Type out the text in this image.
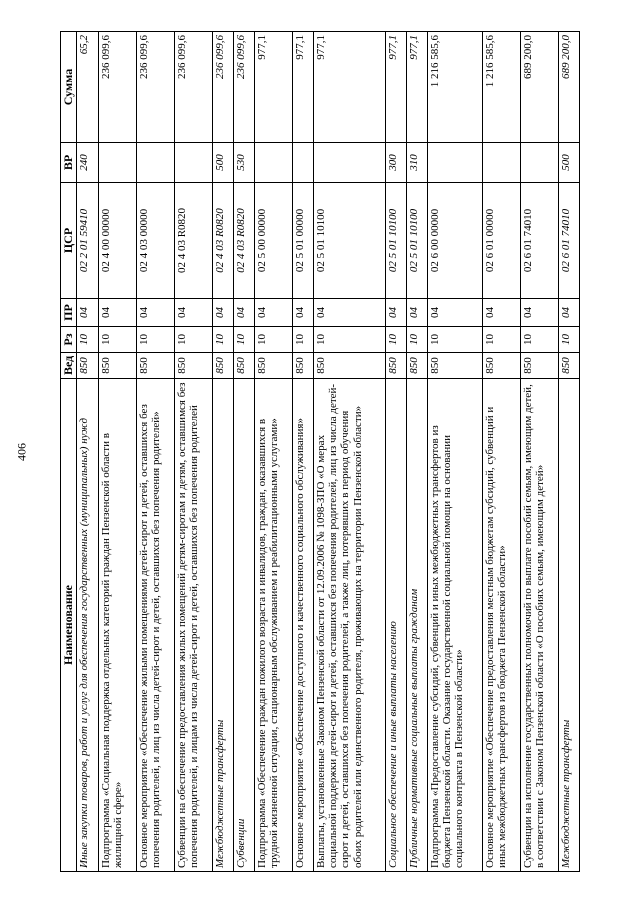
406
Наименование	Вед	Рз	ПР	ЦСР	ВР	Сумма
Иные закупки товаров, работ и услуг для обеспечения государственных (муниципальных) нужд	850	10	04	02 2 01 59410	240	65,2
Подпрограмма «Социальная поддержка отдельных категорий граждан Пензенской области в жилищной сфере»	850	10	04	02 4 00 00000		236 099,6
Основное мероприятие «Обеспечение жилыми помещениями детей-сирот и детей, оставшихся без попечения родителей, и лиц из числа детей-сирот и детей, оставшихся без попечения родителей»	850	10	04	02 4 03 00000		236 099,6
Субвенции на обеспечение предоставления жилых помещений детям-сиротам и детям, оставшимся без попечения родителей, и лицам из числа детей-сирот и детей, оставшихся без попечения родителей	850	10	04	02 4 03 R0820		236 099,6
Межбюджетные трансферты	850	10	04	02 4 03 R0820	500	236 099,6
Субвенции	850	10	04	02 4 03 R0820	530	236 099,6
Подпрограмма «Обеспечение граждан пожилого возраста и инвалидов, граждан, оказавшихся в трудной жизненной ситуации, стационарным обслуживанием и реабилитационными услугами»	850	10	04	02 5 00 00000		977,1
Основное мероприятие «Обеспечение доступного и качественного социального обслуживания»	850	10	04	02 5 01 00000		977,1
Выплаты, установленные Законом Пензенской области от 12.09.2006 № 1098-ЗПО «О мерах социальной поддержки детей-сирот и детей, оставшихся без попечения родителей, лиц из числа детей-сирот и детей, оставшихся без попечения родителей, а также лиц, потерявших в период обучения обоих родителей или единственного родителя, проживающих на территории Пензенской области»	850	10	04	02 5 01 10100		977,1
Социальное обеспечение и иные выплаты населению	850	10	04	02 5 01 10100	300	977,1
Публичные нормативные социальные выплаты гражданам	850	10	04	02 5 01 10100	310	977,1
Подпрограмма «Предоставление субсидий, субвенций и иных межбюджетных трансфертов из бюджета Пензенской области. Оказание государственной социальной помощи на основании социального контракта в Пензенской области»	850	10	04	02 6 00 00000		1 216 585,6
Основное мероприятие «Обеспечение предоставления местным бюджетам субсидий, субвенций и иных межбюджетных трансфертов из бюджета Пензенской области»	850	10	04	02 6 01 00000		1 216 585,6
Субвенции на исполнение государственных полномочий по выплате пособий семьям, имеющим детей, в соответствии с Законом Пензенской области «О пособиях семьям, имеющим детей»	850	10	04	02 6 01 74010		689 200,0
Межбюджетные трансферты	850	10	04	02 6 01 74010	500	689 200,0
